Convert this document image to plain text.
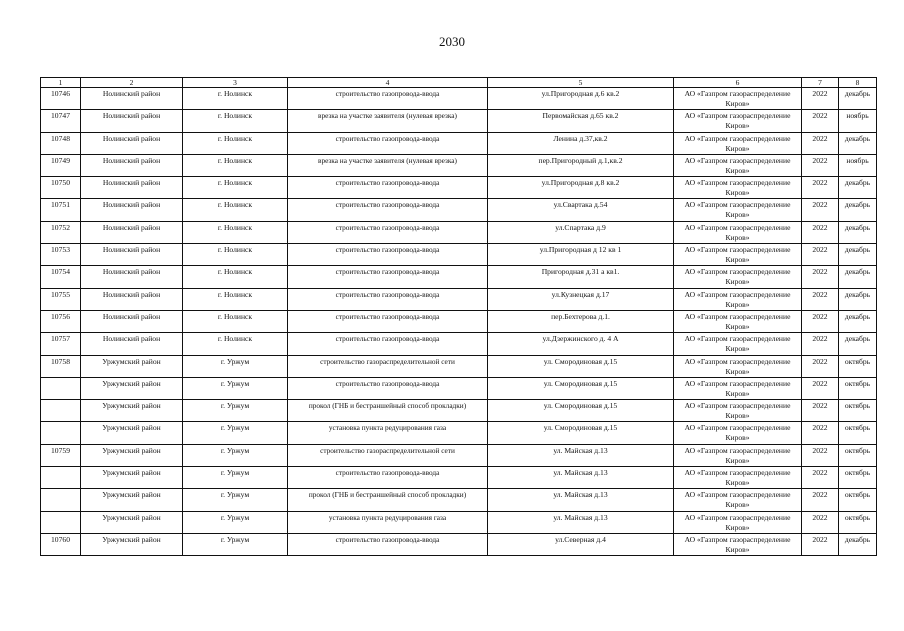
2030
1	2	3	4	5	6	7	8
10746	Нолинский район	г. Нолинск	строительство газопровода-ввода	ул.Пригородная д.6 кв.2	АО «Газпром газораспределение Киров»	2022	декабрь
10747	Нолинский район	г. Нолинск	врезка на участке заявителя (нулевая врезка)	Первомайская д.65 кв.2	АО «Газпром газораспределение Киров»	2022	ноябрь
10748	Нолинский район	г. Нолинск	строительство газопровода-ввода	Ленина д.37,кв.2	АО «Газпром газораспределение Киров»	2022	декабрь
10749	Нолинский район	г. Нолинск	врезка на участке заявителя (нулевая врезка)	пер.Пригородный д.1,кв.2	АО «Газпром газораспределение Киров»	2022	ноябрь
10750	Нолинский район	г. Нолинск	строительство газопровода-ввода	ул.Пригородная д.8 кв.2	АО «Газпром газораспределение Киров»	2022	декабрь
10751	Нолинский район	г. Нолинск	строительство газопровода-ввода	ул.Свартака д.54	АО «Газпром газораспределение Киров»	2022	декабрь
10752	Нолинский район	г. Нолинск	строительство газопровода-ввода	ул.Спартака д.9	АО «Газпром газораспределение Киров»	2022	декабрь
10753	Нолинский район	г. Нолинск	строительство газопровода-ввода	ул.Пригородная д 12 кв 1	АО «Газпром газораспределение Киров»	2022	декабрь
10754	Нолинский район	г. Нолинск	строительство газопровода-ввода	Пригородная д.31 а кв1.	АО «Газпром газораспределение Киров»	2022	декабрь
10755	Нолинский район	г. Нолинск	строительство газопровода-ввода	ул.Кузнецкая д.17	АО «Газпром газораспределение Киров»	2022	декабрь
10756	Нолинский район	г. Нолинск	строительство газопровода-ввода	пер.Бехтерова д.1.	АО «Газпром газораспределение Киров»	2022	декабрь
10757	Нолинский район	г. Нолинск	строительство газопровода-ввода	ул.Дзержинского д. 4 А	АО «Газпром газораспределение Киров»	2022	декабрь
10758	Уржумский район	г. Уржум	строительство газораспределительной сети	ул. Смородиновая д.15	АО «Газпром газораспределение Киров»	2022	октябрь
	Уржумский район	г. Уржум	строительство газопровода-ввода	ул. Смородиновая д.15	АО «Газпром газораспределение Киров»	2022	октябрь
	Уржумский район	г. Уржум	прокол (ГНБ и бестраншейный способ прокладки)	ул. Смородиновая д.15	АО «Газпром газораспределение Киров»	2022	октябрь
	Уржумский район	г. Уржум	установка пункта редуцирования газа	ул. Смородиновая д.15	АО «Газпром газораспределение Киров»	2022	октябрь
10759	Уржумский район	г. Уржум	строительство газораспределительной сети	ул. Майская д.13	АО «Газпром газораспределение Киров»	2022	октябрь
	Уржумский район	г. Уржум	строительство газопровода-ввода	ул. Майская д.13	АО «Газпром газораспределение Киров»	2022	октябрь
	Уржумский район	г. Уржум	прокол (ГНБ и бестраншейный способ прокладки)	ул. Майская д.13	АО «Газпром газораспределение Киров»	2022	октябрь
	Уржумский район	г. Уржум	установка пункта редуцирования газа	ул. Майская д.13	АО «Газпром газораспределение Киров»	2022	октябрь
10760	Уржумский район	г. Уржум	строительство газопровода-ввода	ул.Северная д.4	АО «Газпром газораспределение Киров»	2022	декабрь
